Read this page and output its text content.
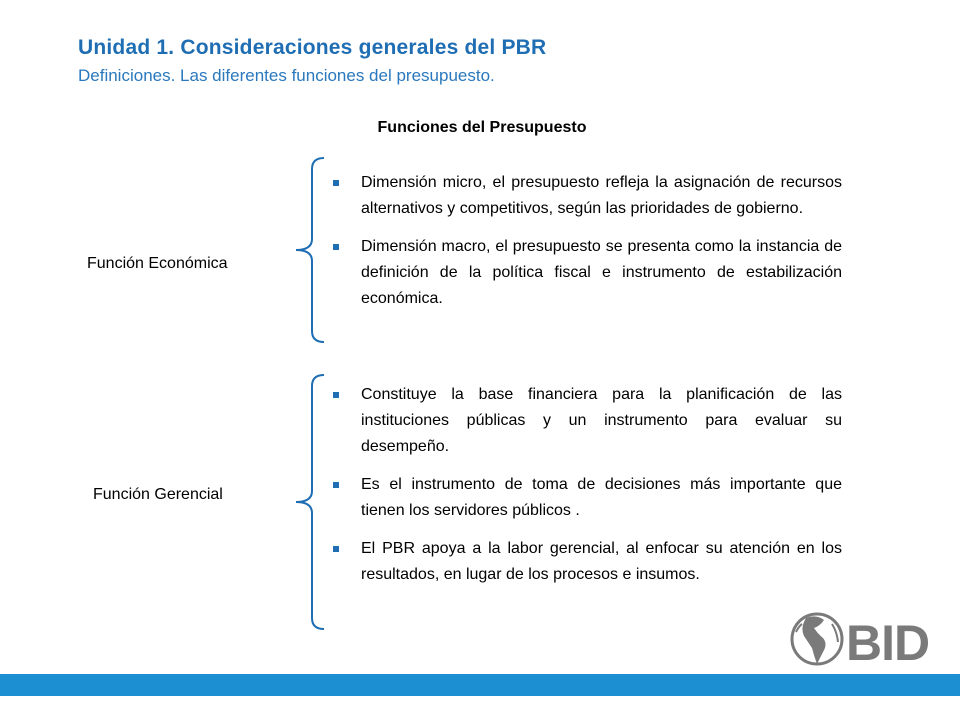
Unidad 1. Consideraciones generales del PBR
Definiciones. Las diferentes funciones del presupuesto.
Funciones del Presupuesto
Función Económica
Dimensión micro, el presupuesto refleja la asignación de recursos alternativos y competitivos, según las prioridades de gobierno.
Dimensión macro, el presupuesto se presenta como la instancia de definición de la política fiscal e instrumento de estabilización económica.
Función Gerencial
Constituye la base financiera para la planificación de las instituciones públicas y un instrumento para evaluar su desempeño.
Es el instrumento de toma de decisiones más importante que tienen los servidores públicos .
El PBR apoya a la labor gerencial, al enfocar su atención en los resultados, en lugar de los procesos e insumos.
BID
